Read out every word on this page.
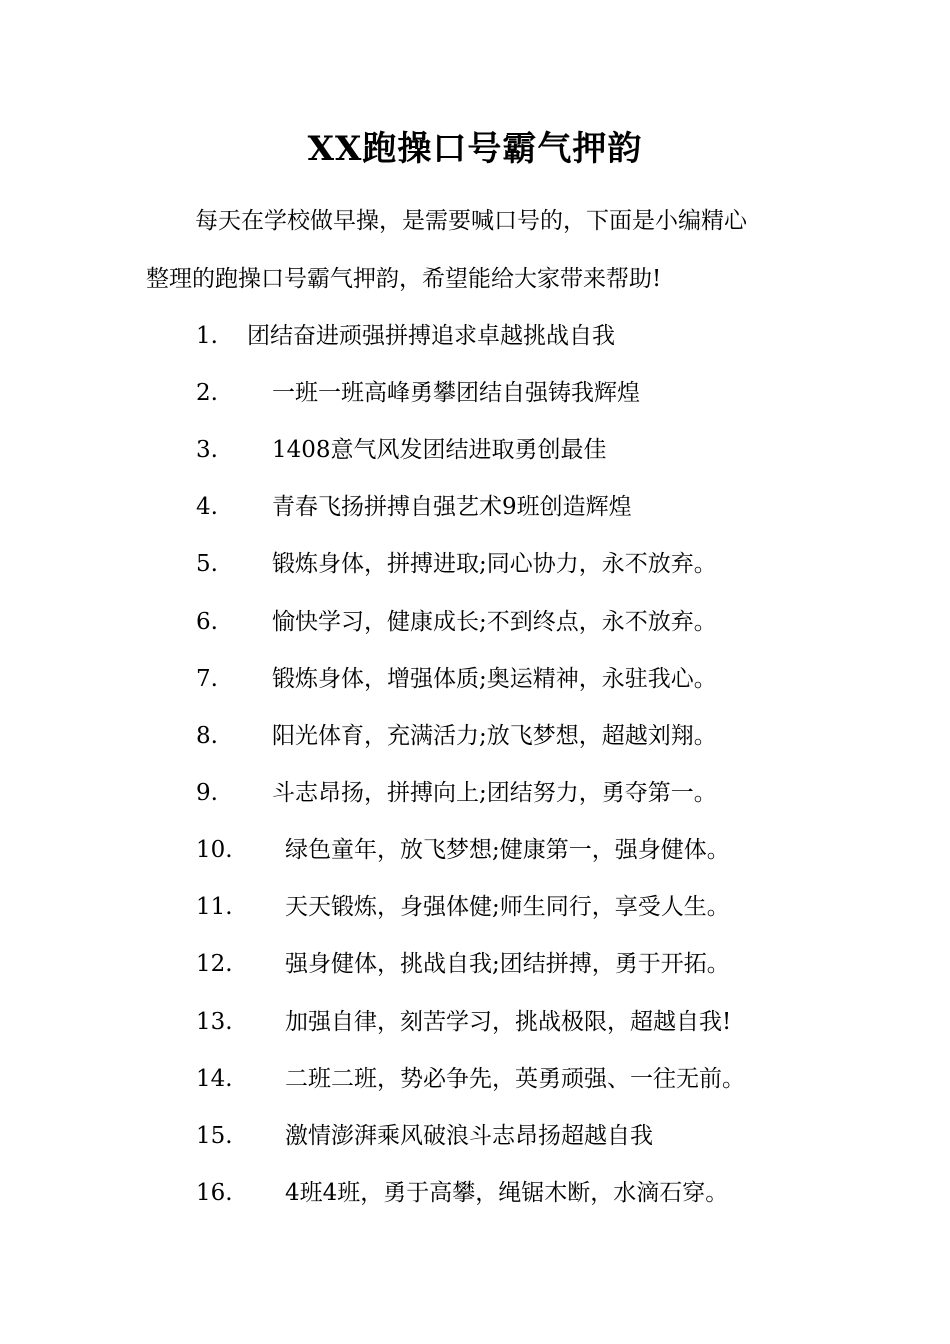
XX跑操口号霸气押韵
每天在学校做早操，是需要喊口号的，下面是小编精心
整理的跑操口号霸气押韵，希望能给大家带来帮助!
1. 团结奋进顽强拼搏追求卓越挑战自我
2. 一班一班高峰勇攀团结自强铸我辉煌
3. 1408意气风发团结进取勇创最佳
4. 青春飞扬拼搏自强艺术9班创造辉煌
5. 锻炼身体，拼搏进取;同心协力，永不放弃。
6. 愉快学习，健康成长;不到终点，永不放弃。
7. 锻炼身体，增强体质;奥运精神，永驻我心。
8. 阳光体育，充满活力;放飞梦想，超越刘翔。
9. 斗志昂扬，拼搏向上;团结努力，勇夺第一。
10. 绿色童年，放飞梦想;健康第一，强身健体。
11. 天天锻炼，身强体健;师生同行，享受人生。
12. 强身健体，挑战自我;团结拼搏，勇于开拓。
13. 加强自律，刻苦学习，挑战极限，超越自我!
14. 二班二班，势必争先，英勇顽强、一往无前。
15. 激情澎湃乘风破浪斗志昂扬超越自我
16. 4班4班，勇于高攀，绳锯木断，水滴石穿。
